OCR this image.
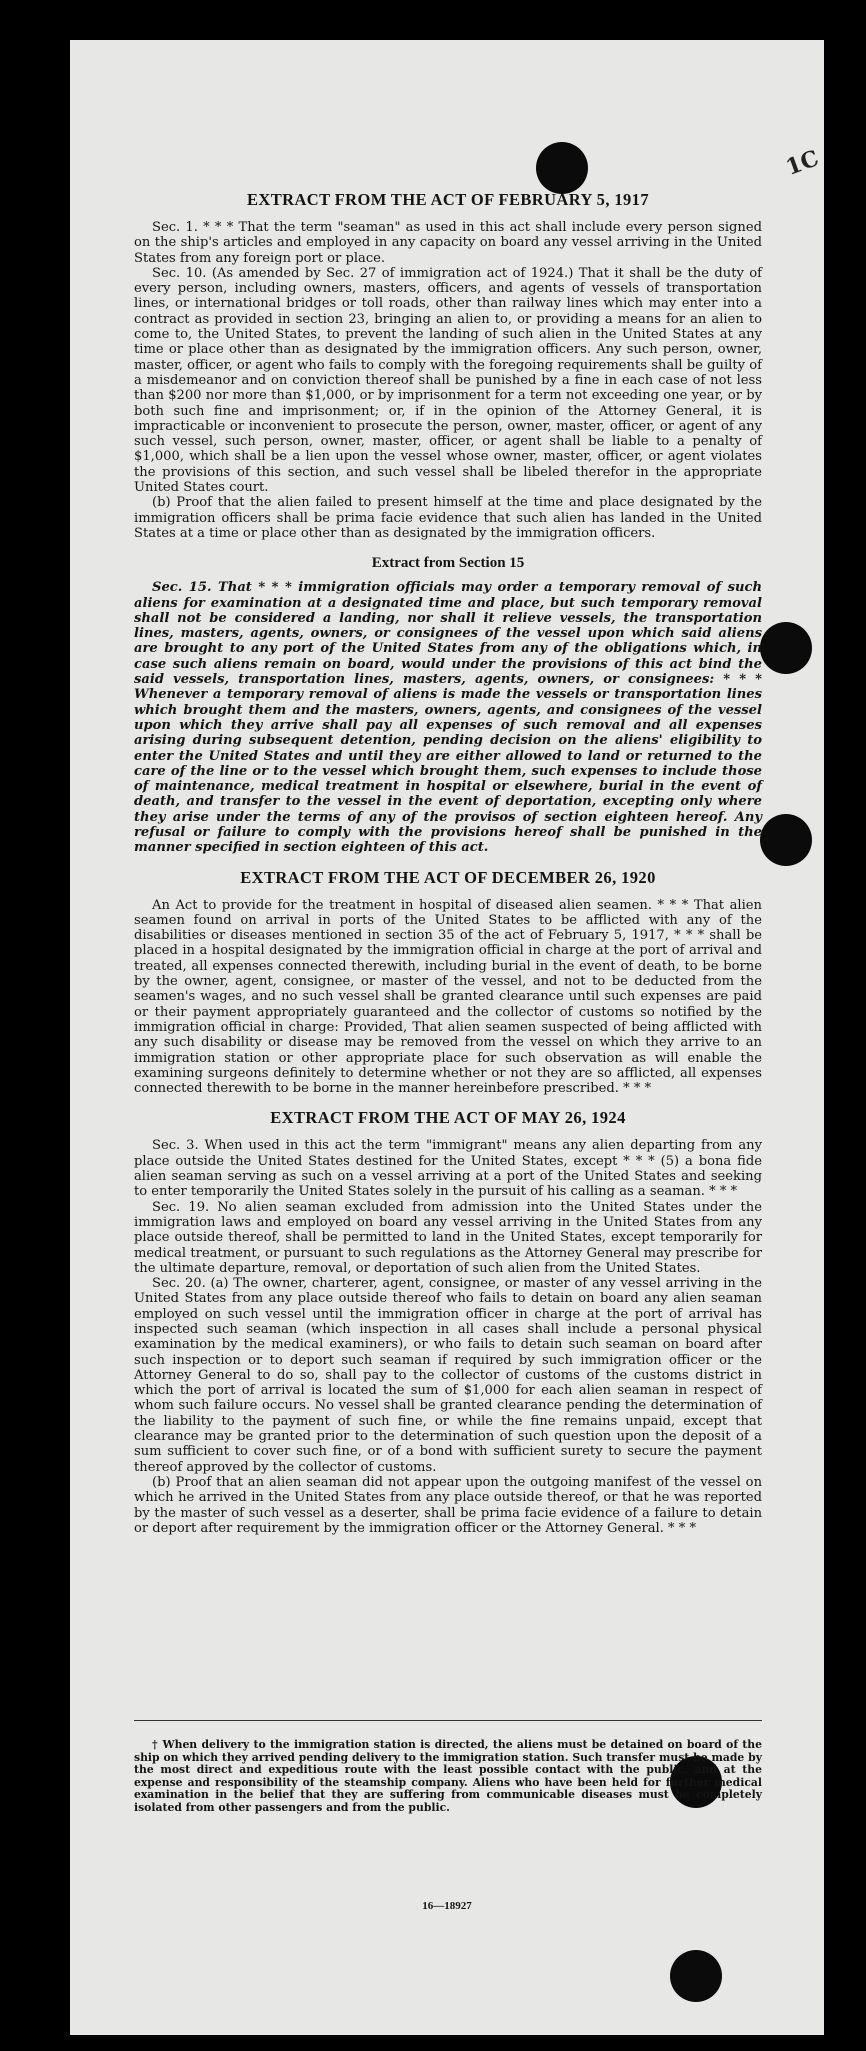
1C
EXTRACT FROM THE ACT OF FEBRUARY 5, 1917

Sec. 1. * * * That the term "seaman" as used in this act shall include every person signed on the ship's articles and employed in any capacity on board any vessel arriving in the United States from any foreign port or place.

Sec. 10. (As amended by Sec. 27 of immigration act of 1924.) That it shall be the duty of every person, including owners, masters, officers, and agents of vessels of transportation lines, or international bridges or toll roads, other than railway lines which may enter into a contract as provided in section 23, bringing an alien to, or providing a means for an alien to come to, the United States, to prevent the landing of such alien in the United States at any time or place other than as designated by the immigration officers. Any such person, owner, master, officer, or agent who fails to comply with the foregoing requirements shall be guilty of a misdemeanor and on conviction thereof shall be punished by a fine in each case of not less than $200 nor more than $1,000, or by imprisonment for a term not exceeding one year, or by both such fine and imprisonment; or, if in the opinion of the Attorney General, it is impracticable or inconvenient to prosecute the person, owner, master, officer, or agent of any such vessel, such person, owner, master, officer, or agent shall be liable to a penalty of $1,000, which shall be a lien upon the vessel whose owner, master, officer, or agent violates the provisions of this section, and such vessel shall be libeled therefor in the appropriate United States court.

(b) Proof that the alien failed to present himself at the time and place designated by the immigration officers shall be prima facie evidence that such alien has landed in the United States at a time or place other than as designated by the immigration officers.

Extract from Section 15

Sec. 15. That * * * immigration officials may order a temporary removal of such aliens for examination at a designated time and place, but such temporary removal shall not be considered a landing, nor shall it relieve vessels, the transportation lines, masters, agents, owners, or consignees of the vessel upon which said aliens are brought to any port of the United States from any of the obligations which, in case such aliens remain on board, would under the provisions of this act bind the said vessels, transportation lines, masters, agents, owners, or consignees: * * * Whenever a temporary removal of aliens is made the vessels or transportation lines which brought them and the masters, owners, agents, and consignees of the vessel upon which they arrive shall pay all expenses of such removal and all expenses arising during subsequent detention, pending decision on the aliens' eligibility to enter the United States and until they are either allowed to land or returned to the care of the line or to the vessel which brought them, such expenses to include those of maintenance, medical treatment in hospital or elsewhere, burial in the event of death, and transfer to the vessel in the event of deportation, excepting only where they arise under the terms of any of the provisos of section eighteen hereof. Any refusal or failure to comply with the provisions hereof shall be punished in the manner specified in section eighteen of this act.

EXTRACT FROM THE ACT OF DECEMBER 26, 1920

An Act to provide for the treatment in hospital of diseased alien seamen. * * * That alien seamen found on arrival in ports of the United States to be afflicted with any of the disabilities or diseases mentioned in section 35 of the act of February 5, 1917, * * * shall be placed in a hospital designated by the immigration official in charge at the port of arrival and treated, all expenses connected therewith, including burial in the event of death, to be borne by the owner, agent, consignee, or master of the vessel, and not to be deducted from the seamen's wages, and no such vessel shall be granted clearance until such expenses are paid or their payment appropriately guaranteed and the collector of customs so notified by the immigration official in charge: Provided, That alien seamen suspected of being afflicted with any such disability or disease may be removed from the vessel on which they arrive to an immigration station or other appropriate place for such observation as will enable the examining surgeons definitely to determine whether or not they are so afflicted, all expenses connected therewith to be borne in the manner hereinbefore prescribed. * * *

EXTRACT FROM THE ACT OF MAY 26, 1924

Sec. 3. When used in this act the term "immigrant" means any alien departing from any place outside the United States destined for the United States, except * * * (5) a bona fide alien seaman serving as such on a vessel arriving at a port of the United States and seeking to enter temporarily the United States solely in the pursuit of his calling as a seaman. * * *

Sec. 19. No alien seaman excluded from admission into the United States under the immigration laws and employed on board any vessel arriving in the United States from any place outside thereof, shall be permitted to land in the United States, except temporarily for medical treatment, or pursuant to such regulations as the Attorney General may prescribe for the ultimate departure, removal, or deportation of such alien from the United States.

Sec. 20. (a) The owner, charterer, agent, consignee, or master of any vessel arriving in the United States from any place outside thereof who fails to detain on board any alien seaman employed on such vessel until the immigration officer in charge at the port of arrival has inspected such seaman (which inspection in all cases shall include a personal physical examination by the medical examiners), or who fails to detain such seaman on board after such inspection or to deport such seaman if required by such immigration officer or the Attorney General to do so, shall pay to the collector of customs of the customs district in which the port of arrival is located the sum of $1,000 for each alien seaman in respect of whom such failure occurs. No vessel shall be granted clearance pending the determination of the liability to the payment of such fine, or while the fine remains unpaid, except that clearance may be granted prior to the determination of such question upon the deposit of a sum sufficient to cover such fine, or of a bond with sufficient surety to secure the payment thereof approved by the collector of customs.

(b) Proof that an alien seaman did not appear upon the outgoing manifest of the vessel on which he arrived in the United States from any place outside thereof, or that he was reported by the master of such vessel as a deserter, shall be prima facie evidence of a failure to detain or deport after requirement by the immigration officer or the Attorney General. * * *

† When delivery to the immigration station is directed, the aliens must be detained on board of the ship on which they arrived pending delivery to the immigration station. Such transfer must be made by the most direct and expeditious route with the least possible contact with the public, and at the expense and responsibility of the steamship company. Aliens who have been held for further medical examination in the belief that they are suffering from communicable diseases must be completely isolated from other passengers and from the public.

16—18927
